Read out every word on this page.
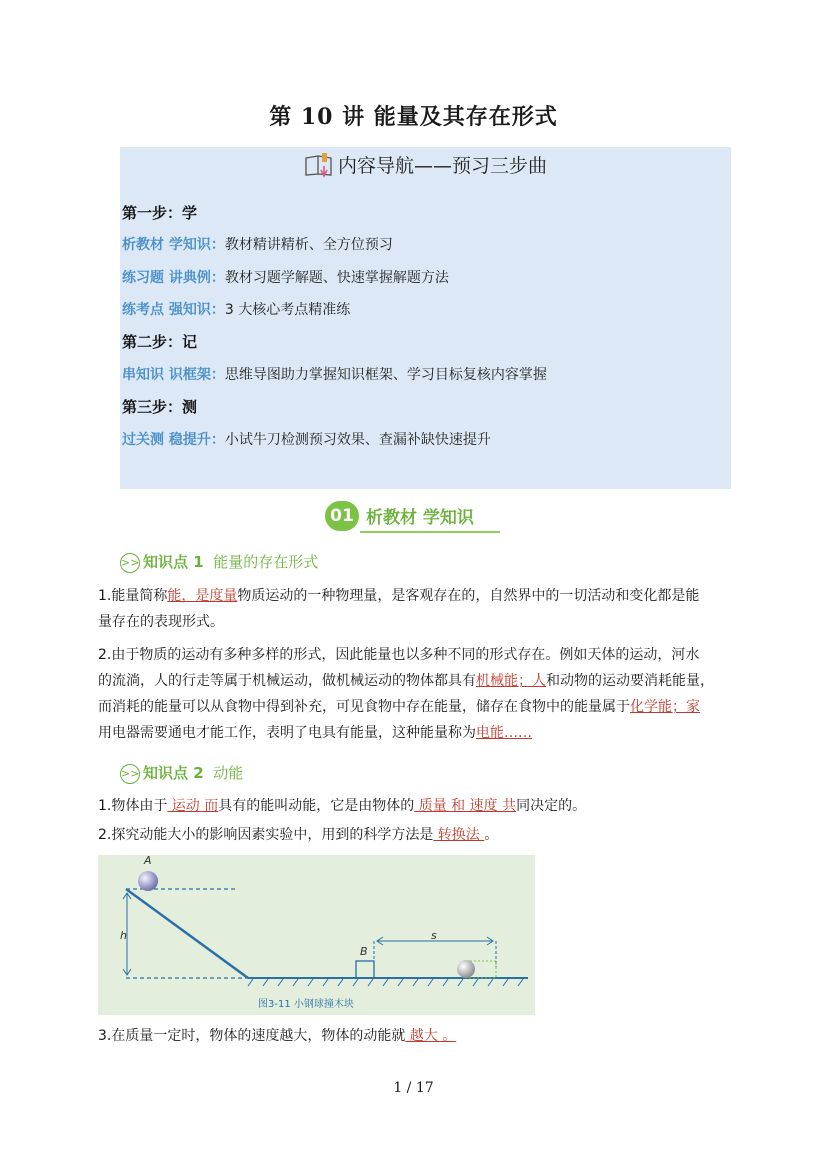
第 10 讲 能量及其存在形式
内容导航——预习三步曲
第一步：学
析教材 学知识：教材精讲精析、全方位预习
练习题 讲典例：教材习题学解题、快速掌握解题方法
练考点 强知识：3 大核心考点精准练
第二步：记
串知识 识框架：思维导图助力掌握知识框架、学习目标复核内容掌握
第三步：测
过关测 稳提升：小试牛刀检测预习效果、查漏补缺快速提升
01 析教材 学知识
>> 知识点 1 能量的存在形式
1.能量简称能，是度量物质运动的一种物理量，是客观存在的，自然界中的一切活动和变化都是能
量存在的表现形式。
2.由于物质的运动有多种多样的形式，因此能量也以多种不同的形式存在。例如天体的运动，河水
的流淌，人的行走等属于机械运动，做机械运动的物体都具有机械能；人和动物的运动要消耗能量，
而消耗的能量可以从食物中得到补充，可见食物中存在能量，储存在食物中的能量属于化学能；家
用电器需要通电才能工作，表明了电具有能量，这种能量称为电能……
>> 知识点 2 动能
1.物体由于 运动 而具有的能叫动能，它是由物体的 质量 和 速度 共同决定的。
2.探究动能大小的影响因素实验中，用到的科学方法是 转换法 。
h
A
B
s
图3-11 小钢球撞木块
3.在质量一定时，物体的速度越大，物体的动能就 越大 。
1 / 17
